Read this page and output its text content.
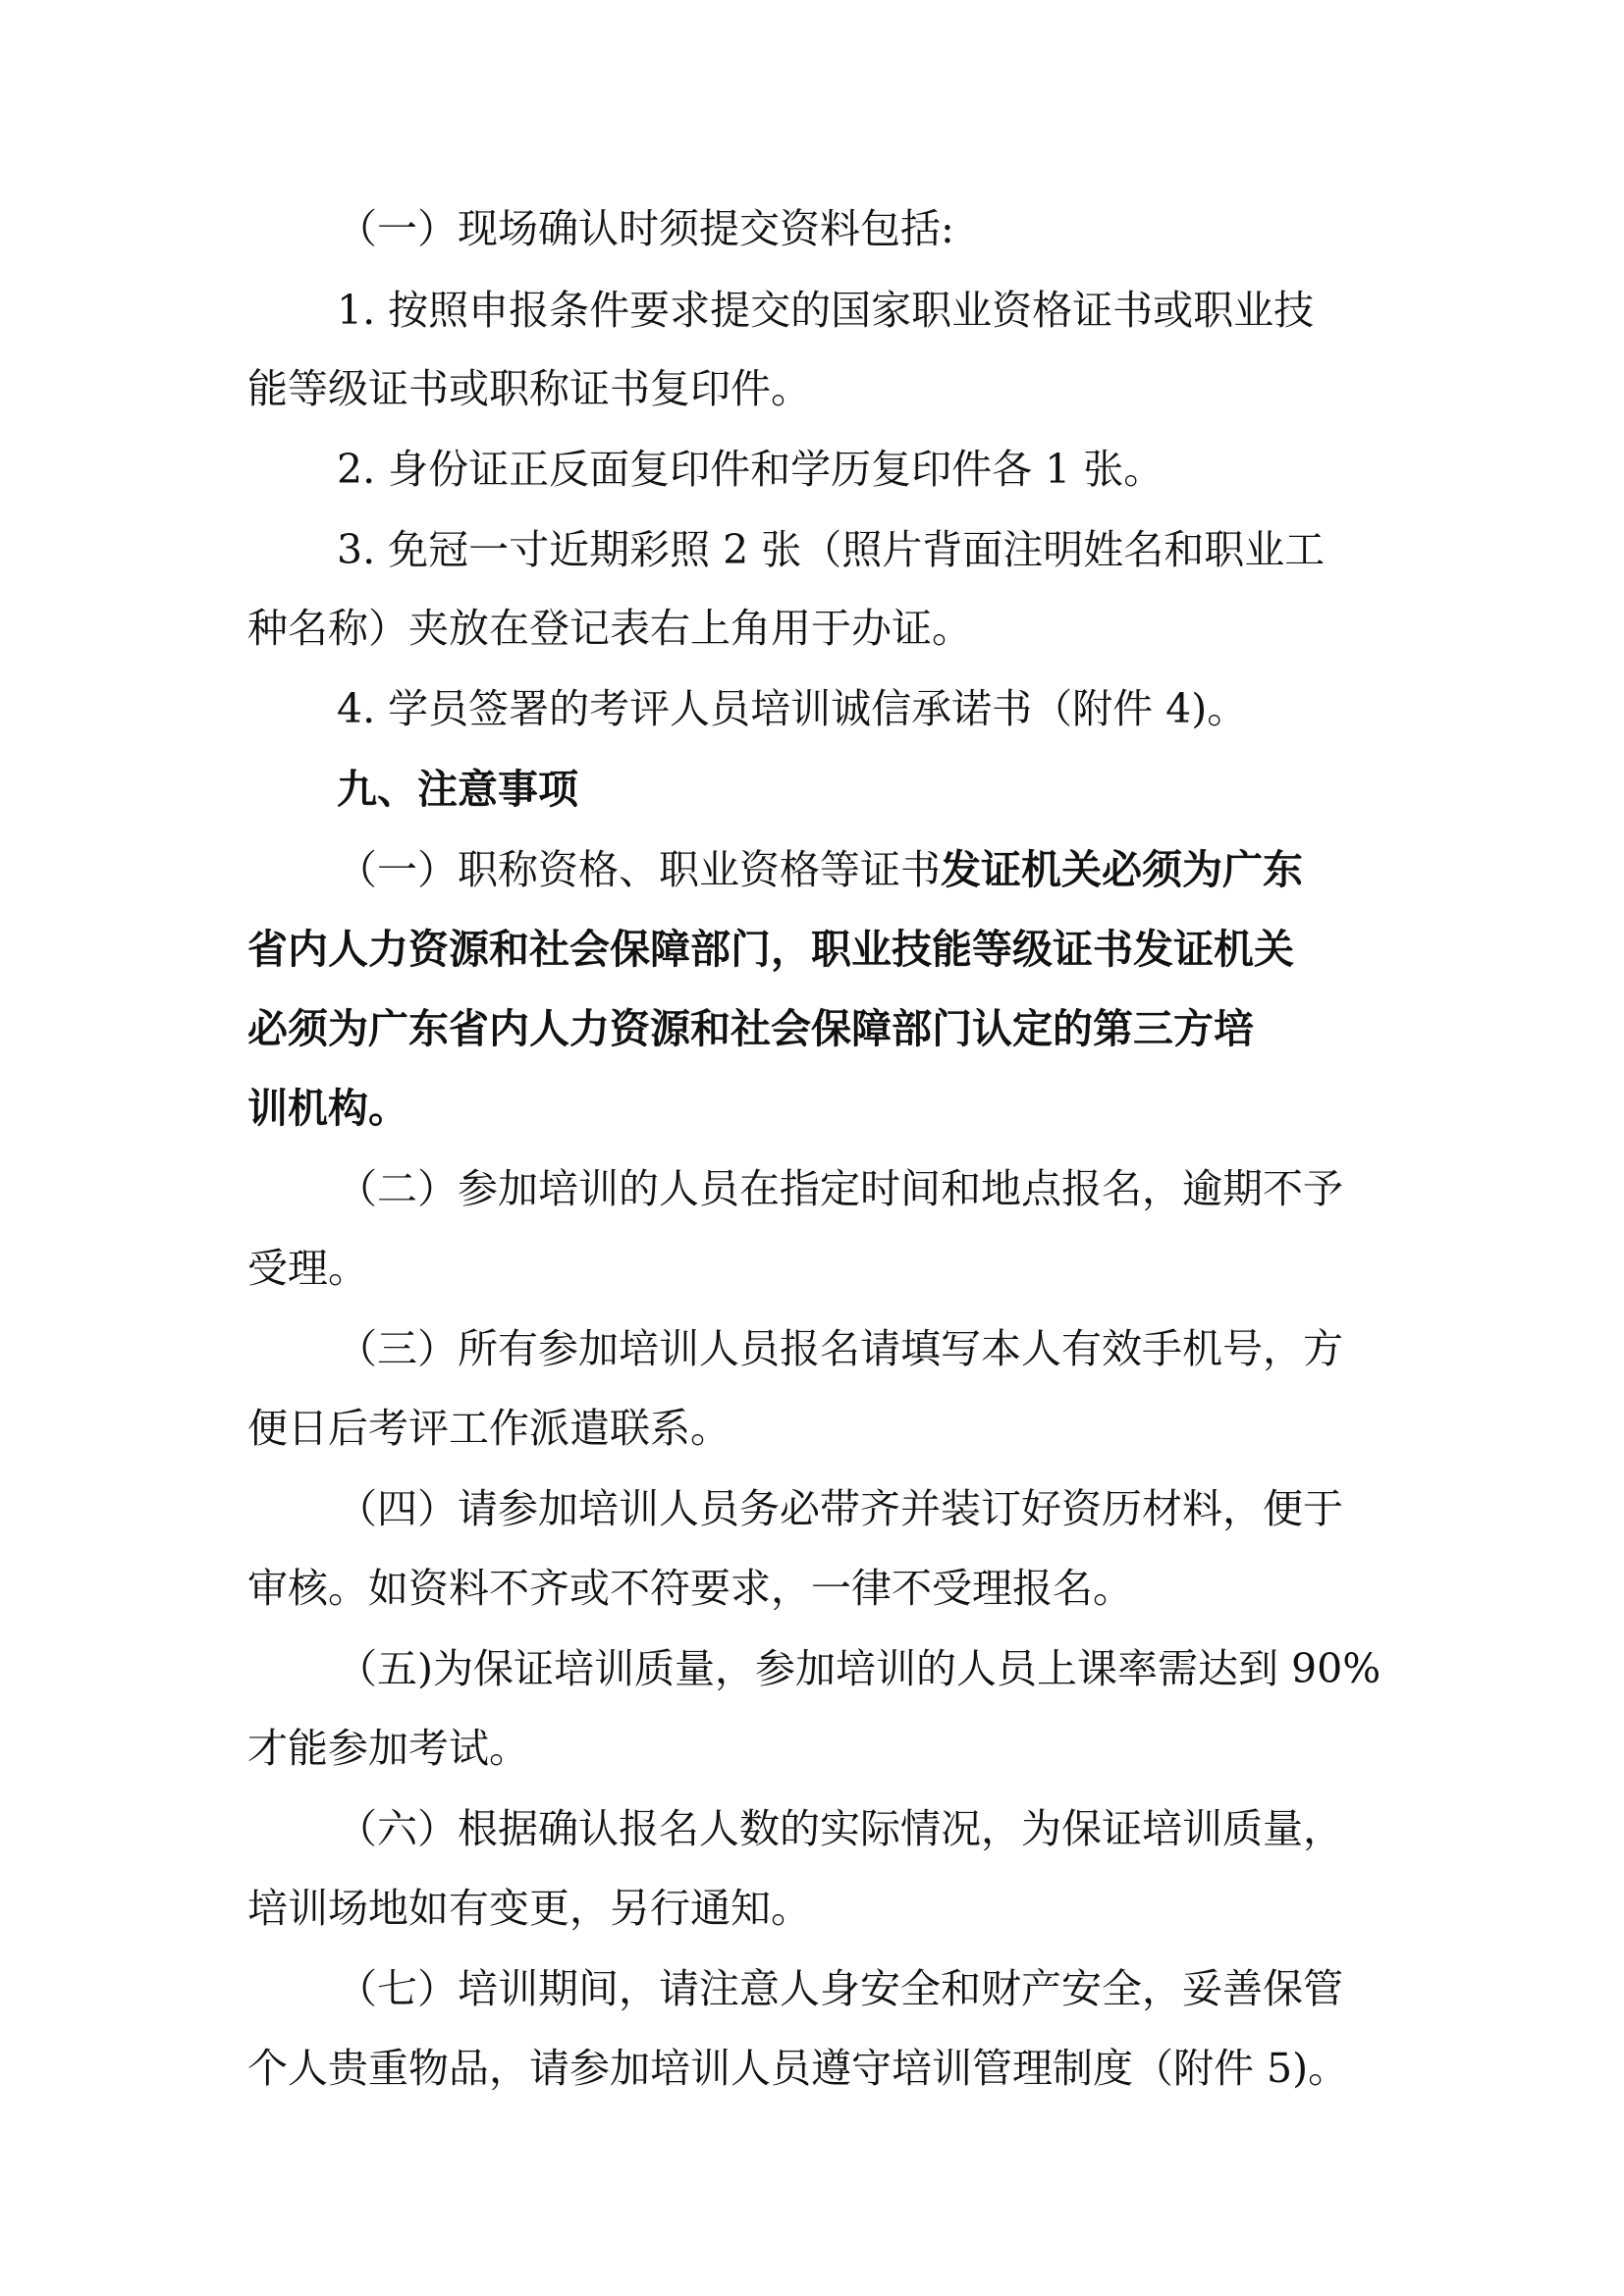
（一）现场确认时须提交资料包括:
1. 按照申报条件要求提交的国家职业资格证书或职业技
能等级证书或职称证书复印件。
2. 身份证正反面复印件和学历复印件各 1 张。
3. 免冠一寸近期彩照 2 张（照片背面注明姓名和职业工
种名称）夹放在登记表右上角用于办证。
4. 学员签署的考评人员培训诚信承诺书（附件 4)。
九、注意事项
（一）职称资格、职业资格等证书发证机关必须为广东
省内人力资源和社会保障部门，职业技能等级证书发证机关
必须为广东省内人力资源和社会保障部门认定的第三方培
训机构。
（二）参加培训的人员在指定时间和地点报名，逾期不予
受理。
（三）所有参加培训人员报名请填写本人有效手机号，方
便日后考评工作派遣联系。
（四）请参加培训人员务必带齐并装订好资历材料，便于
审核。如资料不齐或不符要求，一律不受理报名。
（五)为保证培训质量，参加培训的人员上课率需达到 90%
才能参加考试。
（六）根据确认报名人数的实际情况，为保证培训质量，
培训场地如有变更，另行通知。
（七）培训期间，请注意人身安全和财产安全，妥善保管
个人贵重物品，请参加培训人员遵守培训管理制度（附件 5)。
